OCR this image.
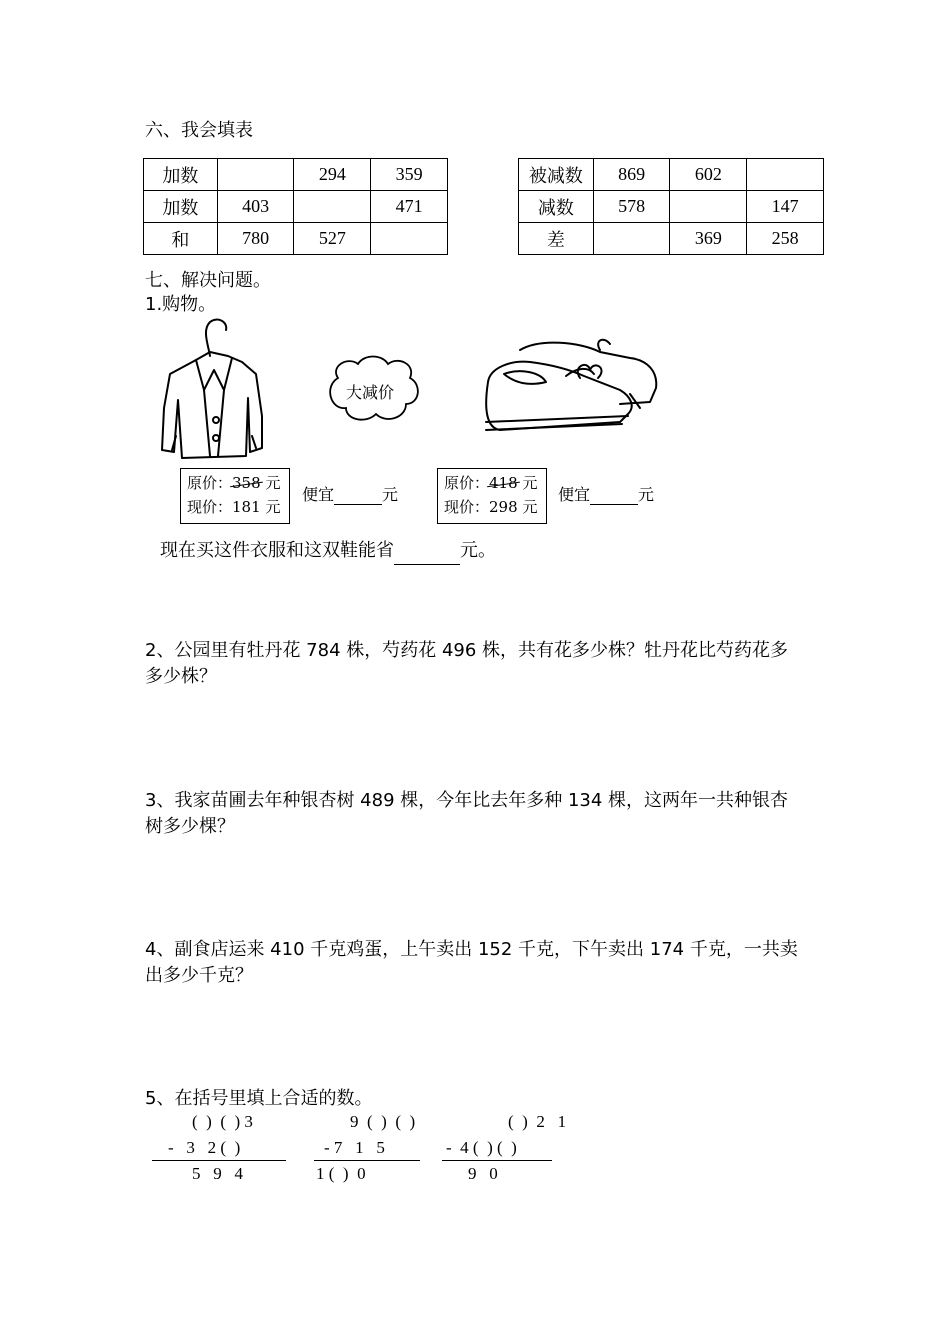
六、我会填表
加数		294	359
加数	403		471
和	780	527	
被减数	869	602	
减数	578		147
差		369	258
七、解决问题。
1.购物。
大减价
原价：358 元
现价：181 元
便宜	元
原价：418 元
现价：298 元
便宜	元
现在买这件衣服和这双鞋能省	元。
2、公园里有牡丹花 784 株，芍药花 496 株，共有花多少株？牡丹花比芍药花多
多少株？
3、我家苗圃去年种银杏树 489 棵，今年比去年多种 134 棵，这两年一共种银杏
树多少棵？
4、副食店运来 410 千克鸡蛋，上午卖出 152 千克，下午卖出 174 千克，一共卖
出多少千克？
5、在括号里填上合适的数。
(  )  (  ) 3
-   3   2 (  )
5   9   4
9  (  )  (  )
- 7   1   5
1 (  )  0
(  )  2   1
-  4 (  ) (  )
9   0
